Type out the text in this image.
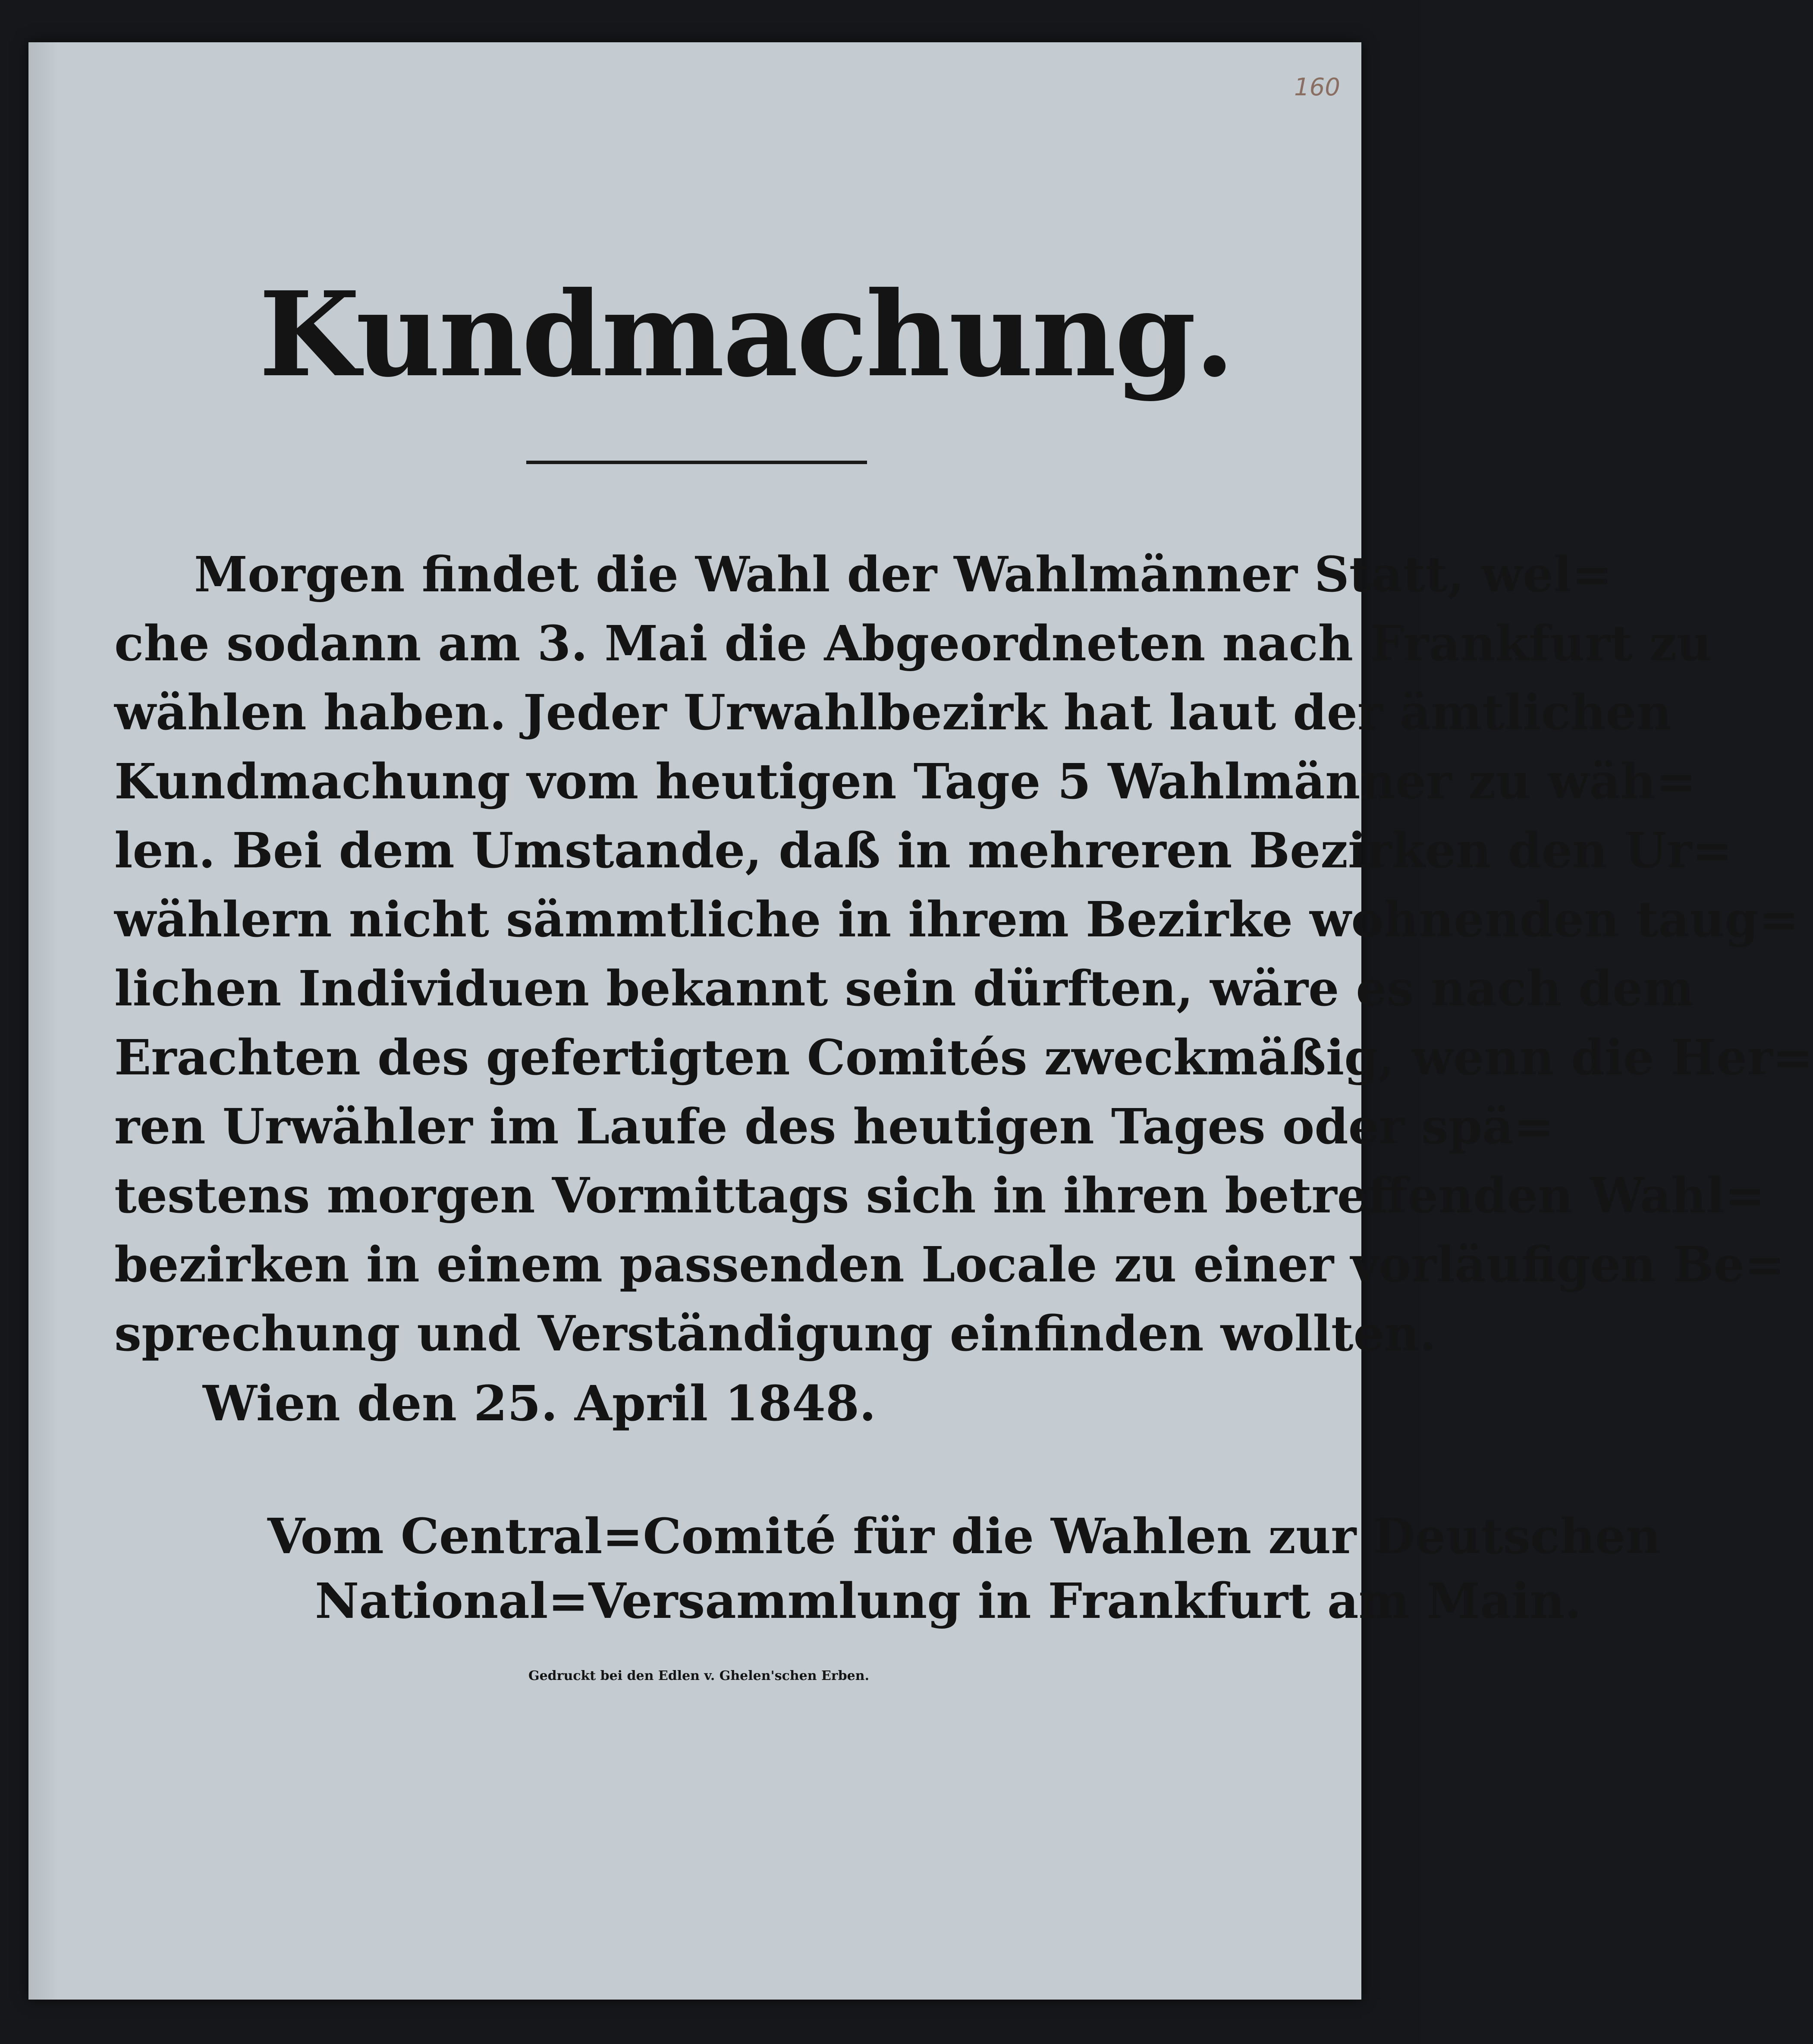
160
Kundmachung.
Morgen findet die Wahl der Wahlmänner Statt, wel=
che sodann am 3. Mai die Abgeordneten nach Frankfurt zu
wählen haben. Jeder Urwahlbezirk hat laut der ämtlichen
Kundmachung vom heutigen Tage 5 Wahlmänner zu wäh=
len. Bei dem Umstande, daß in mehreren Bezirken den Ur=
wählern nicht sämmtliche in ihrem Bezirke wohnenden taug=
lichen Individuen bekannt sein dürften, wäre es nach dem
Erachten des gefertigten Comités zweckmäßig, wenn die Her=
ren Urwähler im Laufe des heutigen Tages oder spä=
testens morgen Vormittags sich in ihren betreffenden Wahl=
bezirken in einem passenden Locale zu einer vorläufigen Be=
sprechung und Verständigung einfinden wollten.
Wien den 25. April 1848.
Vom Central=Comité für die Wahlen zur Deutschen
National=Versammlung in Frankfurt am Main.
Gedruckt bei den Edlen v. Ghelen'schen Erben.
